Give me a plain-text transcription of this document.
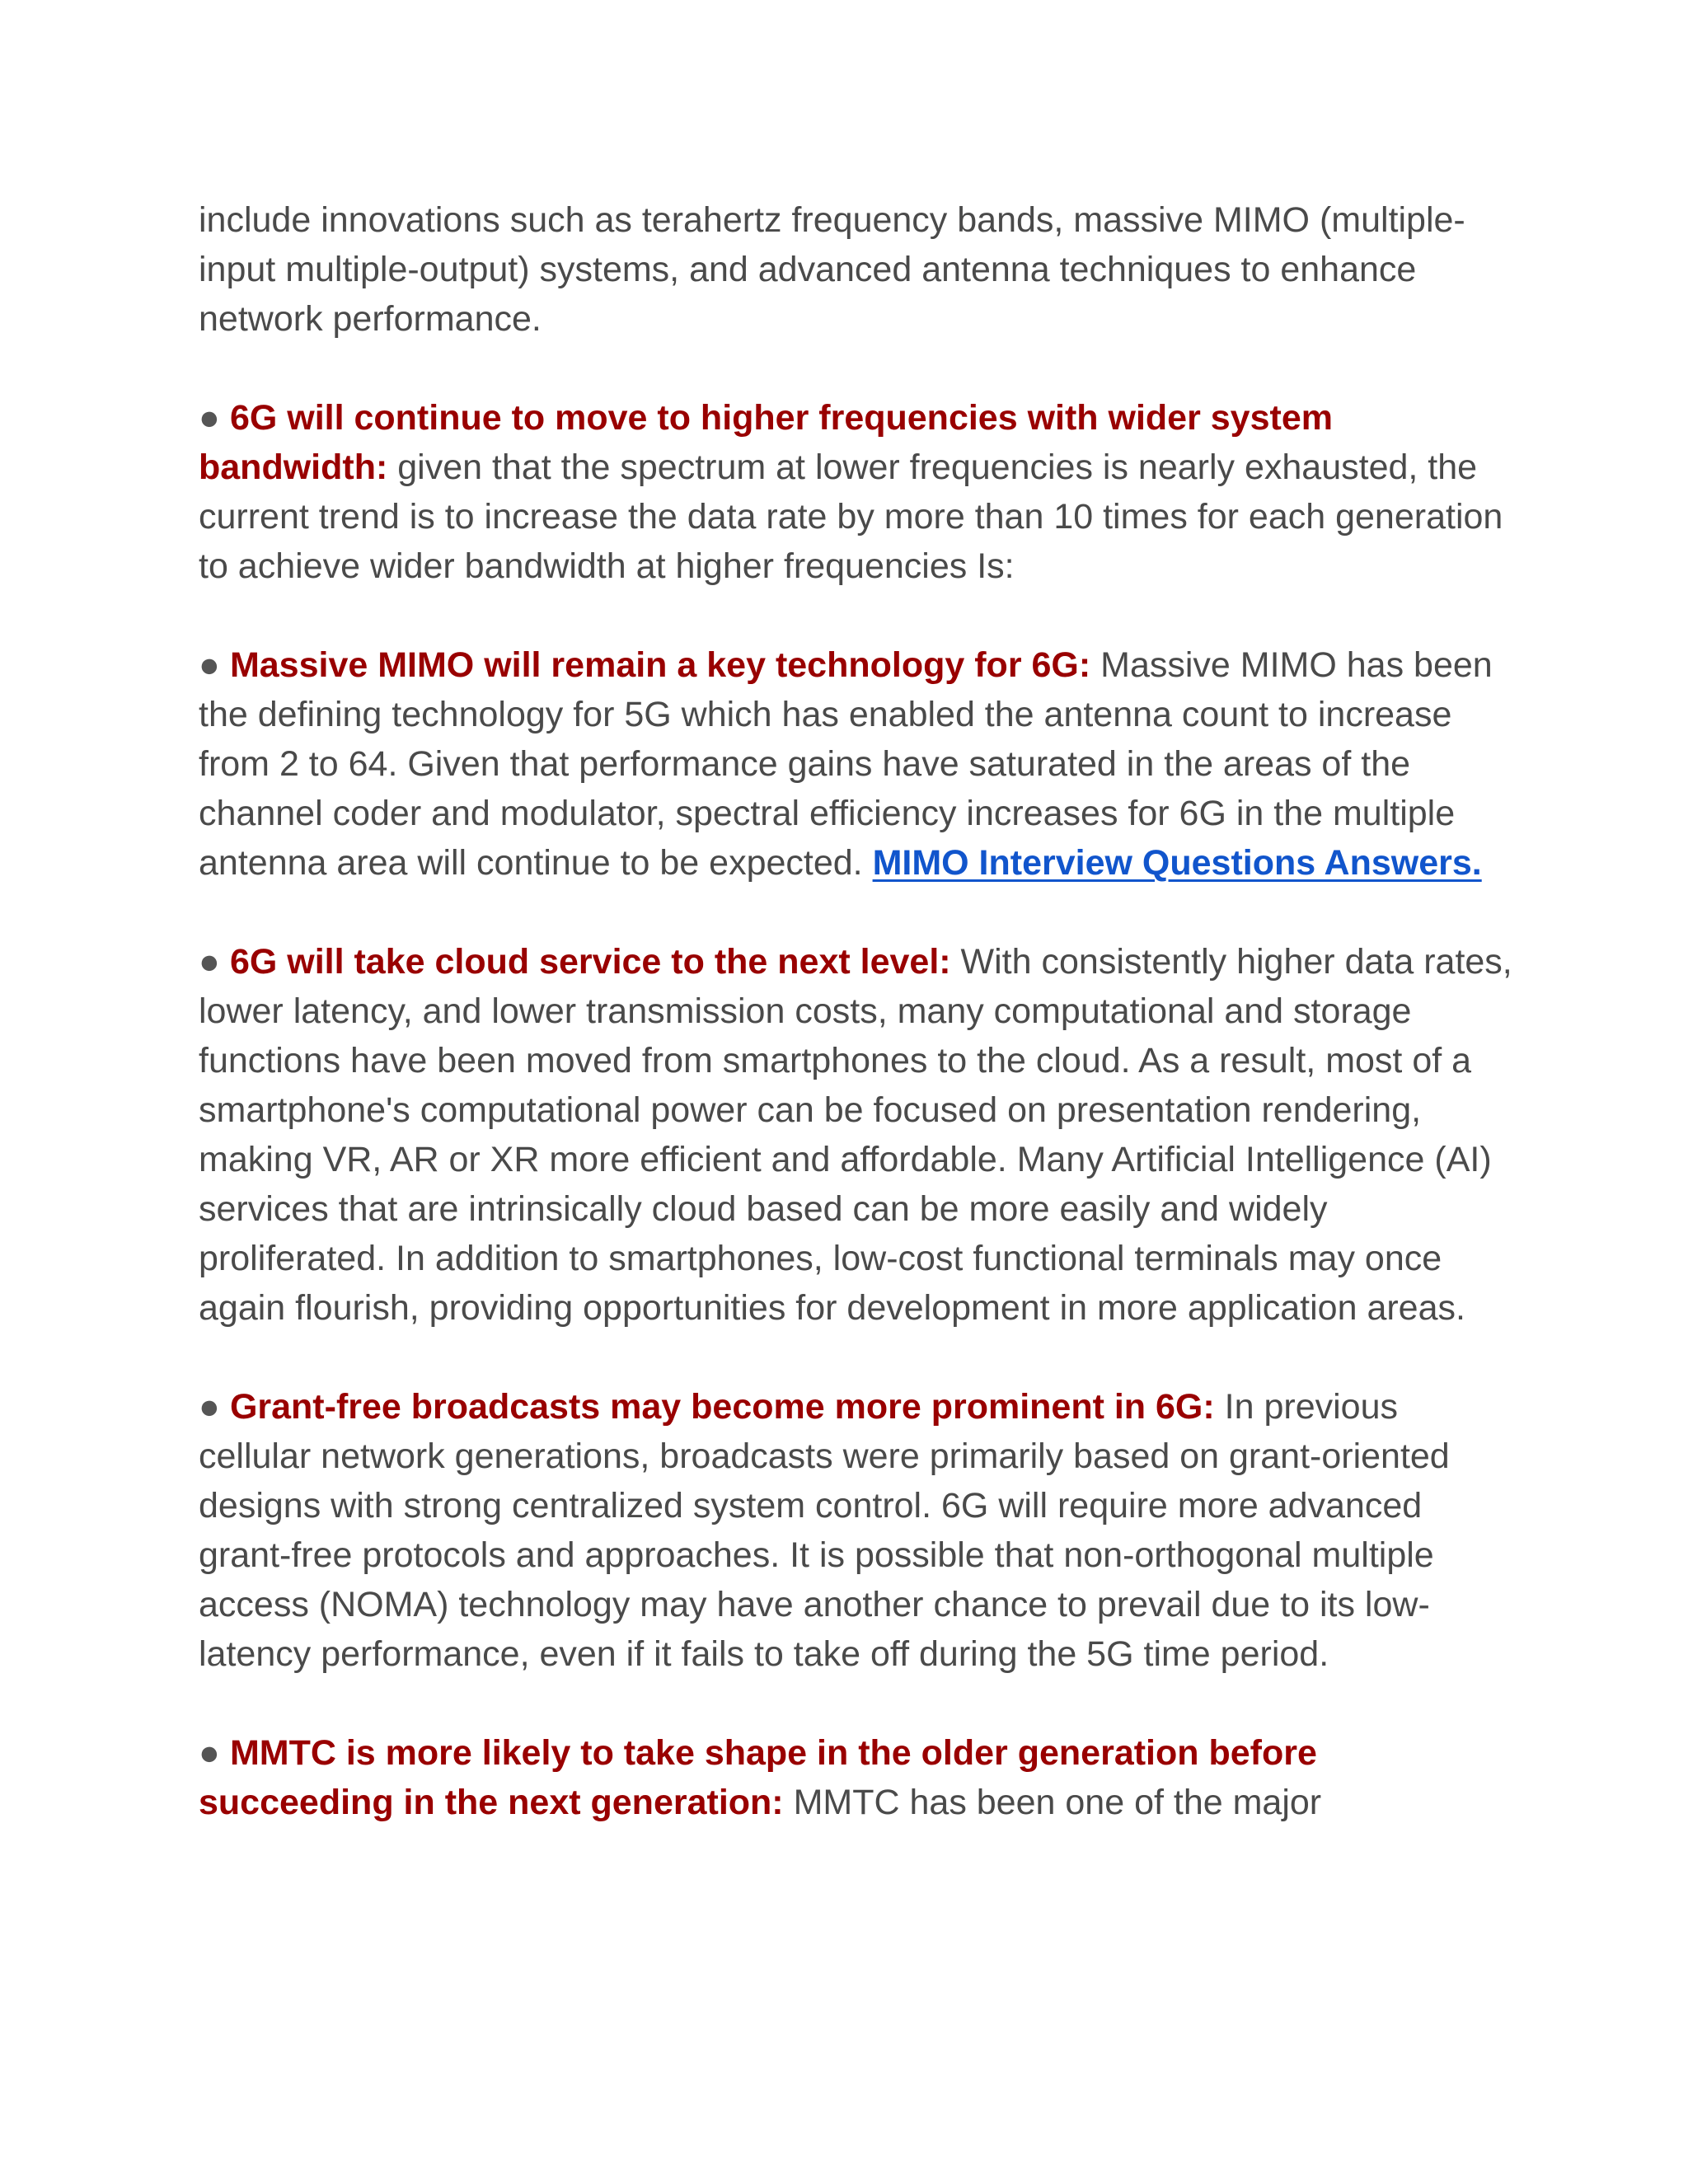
include innovations such as terahertz frequency bands, massive MIMO (multiple-input multiple-output) systems, and advanced antenna techniques to enhance network performance.

● 6G will continue to move to higher frequencies with wider system bandwidth: given that the spectrum at lower frequencies is nearly exhausted, the current trend is to increase the data rate by more than 10 times for each generation to achieve wider bandwidth at higher frequencies Is:

● Massive MIMO will remain a key technology for 6G: Massive MIMO has been the defining technology for 5G which has enabled the antenna count to increase from 2 to 64. Given that performance gains have saturated in the areas of the channel coder and modulator, spectral efficiency increases for 6G in the multiple antenna area will continue to be expected. MIMO Interview Questions Answers.

● 6G will take cloud service to the next level: With consistently higher data rates, lower latency, and lower transmission costs, many computational and storage functions have been moved from smartphones to the cloud. As a result, most of a smartphone's computational power can be focused on presentation rendering, making VR, AR or XR more efficient and affordable. Many Artificial Intelligence (AI) services that are intrinsically cloud based can be more easily and widely proliferated. In addition to smartphones, low-cost functional terminals may once again flourish, providing opportunities for development in more application areas.

● Grant-free broadcasts may become more prominent in 6G: In previous cellular network generations, broadcasts were primarily based on grant-oriented designs with strong centralized system control. 6G will require more advanced grant-free protocols and approaches. It is possible that non-orthogonal multiple access (NOMA) technology may have another chance to prevail due to its low-latency performance, even if it fails to take off during the 5G time period.

● MMTC is more likely to take shape in the older generation before succeeding in the next generation: MMTC has been one of the major
